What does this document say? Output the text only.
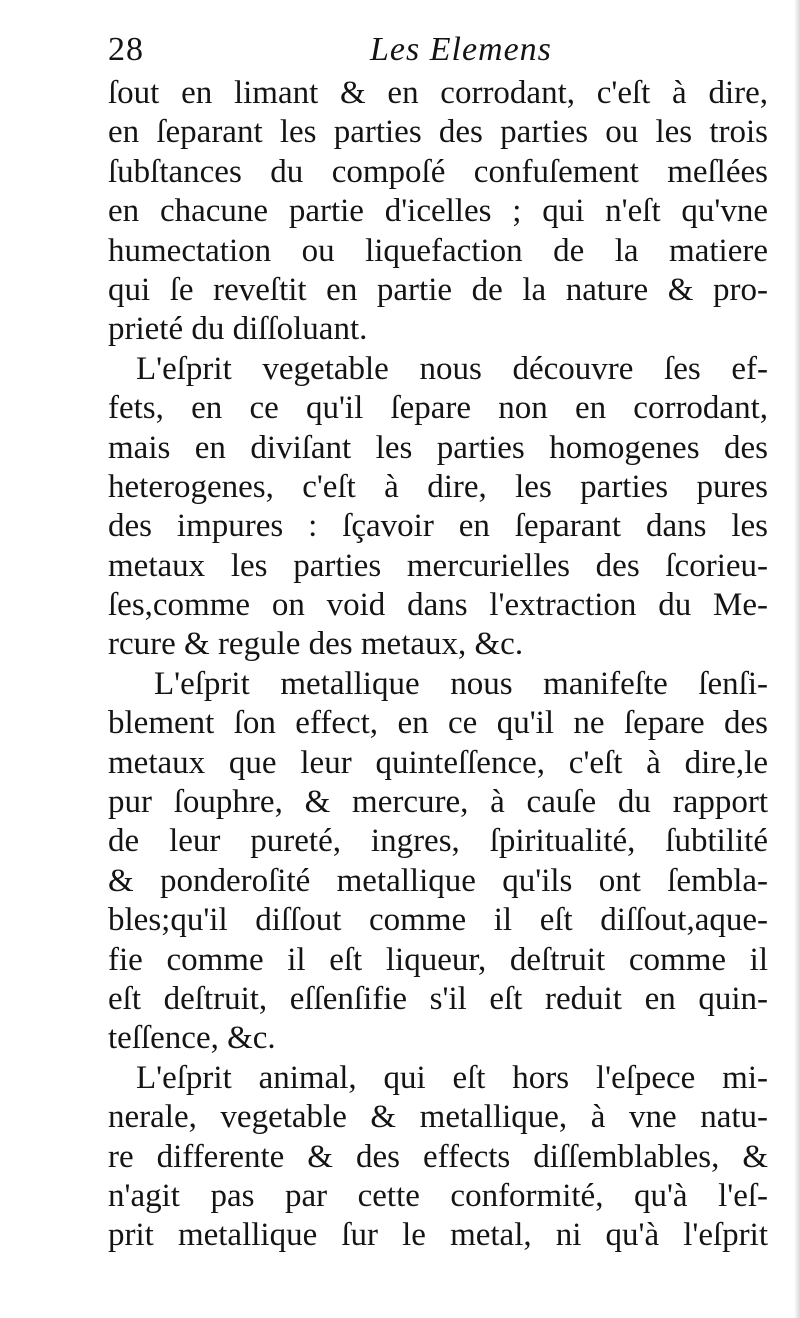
28	Les Elemens
ſout en limant & en corrodant, c'eſt à dire,
en ſeparant les parties des parties ou les trois
ſubſtances du compoſé confuſement meſlées
en chacune partie d'icelles ; qui n'eſt qu'vne
humectation ou liquefaction de la matiere
qui ſe reveſtit en partie de la nature & pro-
prieté du diſſoluant.
L'eſprit vegetable nous découvre ſes ef-
fets, en ce qu'il ſepare non en corrodant,
mais en diviſant les parties homogenes des
heterogenes, c'eſt à dire, les parties pures
des impures : ſçavoir en ſeparant dans les
metaux les parties mercurielles des ſcorieu-
ſes,comme on void dans l'extraction du Me-
rcure & regule des metaux, &c.
L'eſprit metallique nous manifeſte ſenſi-
blement ſon effect, en ce qu'il ne ſepare des
metaux que leur quinteſſence, c'eſt à dire,le
pur ſouphre, & mercure, à cauſe du rapport
de leur pureté, ingres, ſpiritualité, ſubtilité
& ponderoſité metallique qu'ils ont ſembla-
bles;qu'il diſſout comme il eſt diſſout,aque-
fie comme il eſt liqueur, deſtruit comme il
eſt deſtruit, eſſenſifie s'il eſt reduit en quin-
teſſence, &c.
L'eſprit animal, qui eſt hors l'eſpece mi-
nerale, vegetable & metallique, à vne natu-
re differente & des effects diſſemblables, &
n'agit pas par cette conformité, qu'à l'eſ-
prit metallique ſur le metal, ni qu'à l'eſprit
